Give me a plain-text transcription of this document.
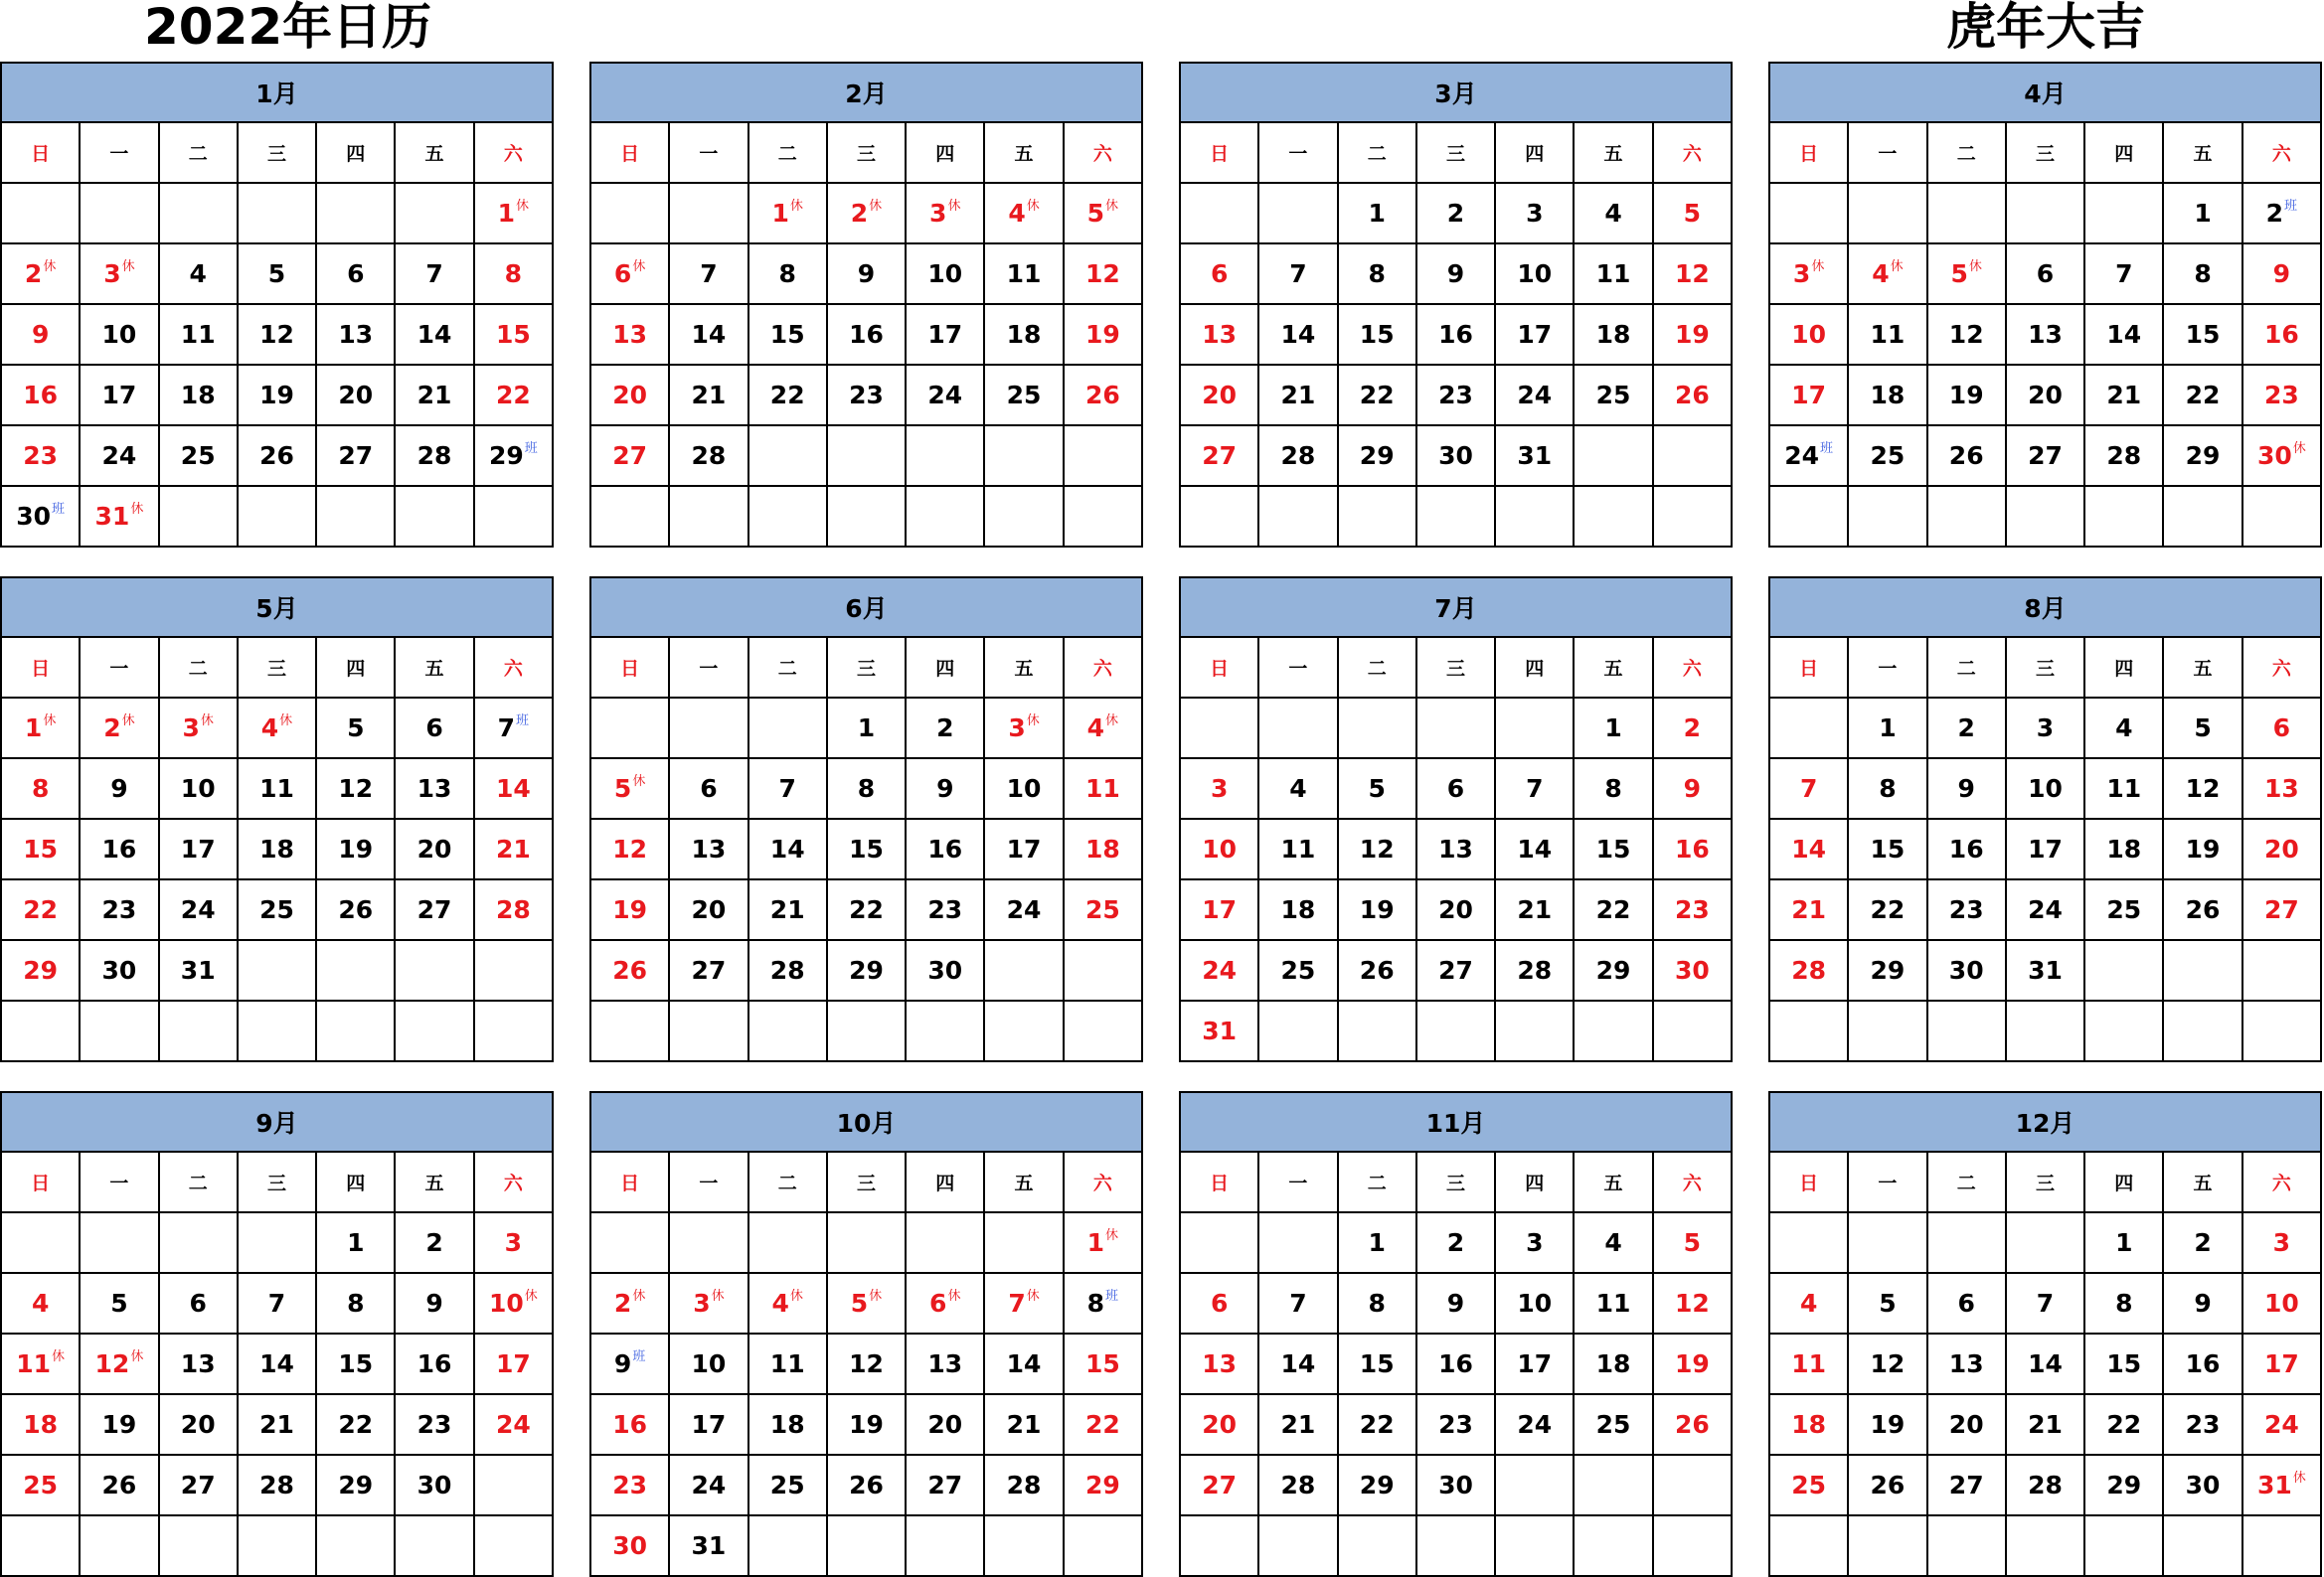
2022年日历	虎年大吉
1月						
日	一	二	三	四	五	六
						$1^休$
$2^休$	$3^休$	4	5	6	7	8
9	10	11	12	13	14	15
16	17	18	19	20	21	22
23	24	25	26	27	28	$29^班$
$30^班$	$31^休$					
2月						
日	一	二	三	四	五	六
		$1^休$	$2^休$	$3^休$	$4^休$	$5^休$
$6^休$	7	8	9	10	11	12
13	14	15	16	17	18	19
20	21	22	23	24	25	26
27	28					

3月						
日	一	二	三	四	五	六
		1	2	3	4	5
6	7	8	9	10	11	12
13	14	15	16	17	18	19
20	21	22	23	24	25	26
27	28	29	30	31		

4月						
日	一	二	三	四	五	六
					1	$2^班$
$3^休$	$4^休$	$5^休$	6	7	8	9
10	11	12	13	14	15	16
17	18	19	20	21	22	23
$24^班$	25	26	27	28	29	$30^休$

5月						
日	一	二	三	四	五	六
$1^休$	$2^休$	$3^休$	$4^休$	5	6	$7^班$
8	9	10	11	12	13	14
15	16	17	18	19	20	21
22	23	24	25	26	27	28
29	30	31				

6月						
日	一	二	三	四	五	六
			1	2	$3^休$	$4^休$
$5^休$	6	7	8	9	10	11
12	13	14	15	16	17	18
19	20	21	22	23	24	25
26	27	28	29	30		

7月						
日	一	二	三	四	五	六
					1	2
3	4	5	6	7	8	9
10	11	12	13	14	15	16
17	18	19	20	21	22	23
24	25	26	27	28	29	30
31						
8月						
日	一	二	三	四	五	六
	1	2	3	4	5	6
7	8	9	10	11	12	13
14	15	16	17	18	19	20
21	22	23	24	25	26	27
28	29	30	31			

9月						
日	一	二	三	四	五	六
				1	2	3
4	5	6	7	8	9	$10^休$
$11^休$	$12^休$	13	14	15	16	17
18	19	20	21	22	23	24
25	26	27	28	29	30	

10月						
日	一	二	三	四	五	六
						$1^休$
$2^休$	$3^休$	$4^休$	$5^休$	$6^休$	$7^休$	$8^班$
$9^班$	10	11	12	13	14	15
16	17	18	19	20	21	22
23	24	25	26	27	28	29
30	31					
11月						
日	一	二	三	四	五	六
		1	2	3	4	5
6	7	8	9	10	11	12
13	14	15	16	17	18	19
20	21	22	23	24	25	26
27	28	29	30			

12月						
日	一	二	三	四	五	六
				1	2	3
4	5	6	7	8	9	10
11	12	13	14	15	16	17
18	19	20	21	22	23	24
25	26	27	28	29	30	$31^休$
